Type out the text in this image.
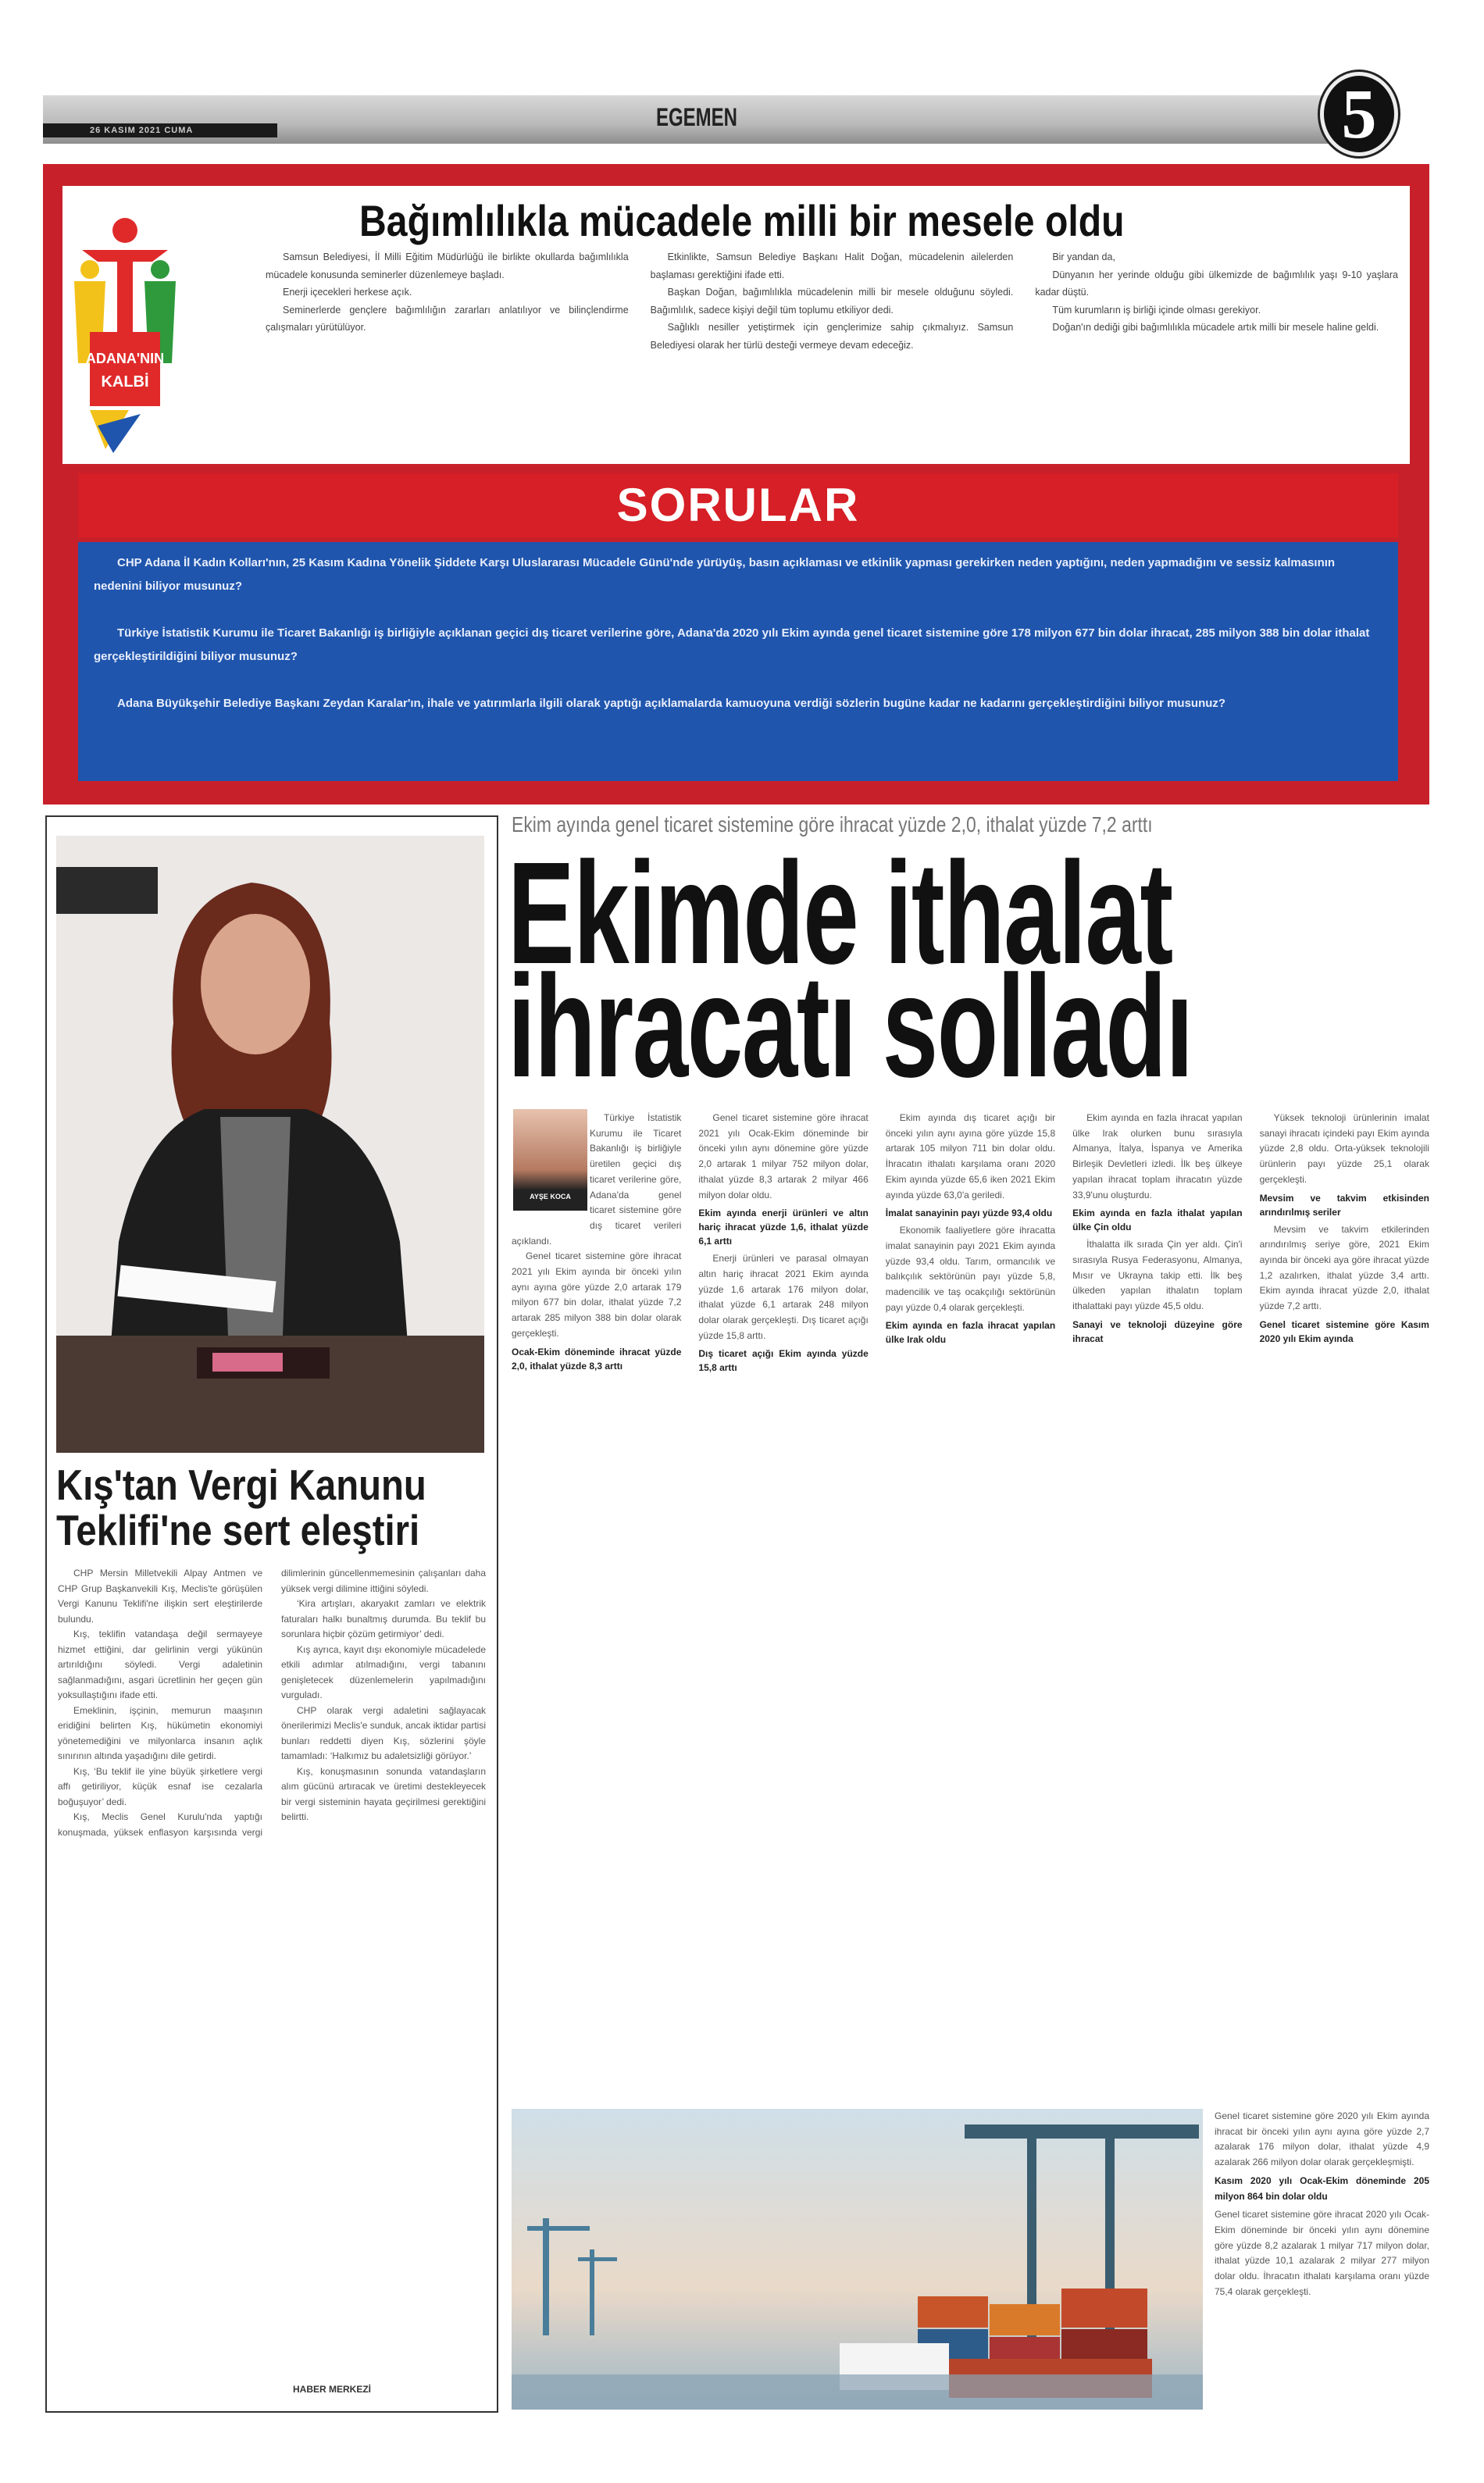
26 KASIM 2021 CUMA	EGEMEN	5
ADANA'NIN
KALBİ
Bağımlılıkla mücadele milli bir mesele oldu

Samsun Belediyesi, İl Milli Eğitim Müdürlüğü ile birlikte okullarda bağımlılıkla mücadele konusunda seminerler düzenlemeye başladı.

Enerji içecekleri herkese açık.

Seminerlerde gençlere bağımlılığın zararları anlatılıyor ve bilinçlendirme çalışmaları yürütülüyor.

Etkinlikte, Samsun Belediye Başkanı Halit Doğan, mücadelenin ailelerden başlaması gerektiğini ifade etti.

Başkan Doğan, bağımlılıkla mücadelenin milli bir mesele olduğunu söyledi. Bağımlılık, sadece kişiyi değil tüm toplumu etkiliyor dedi.

Sağlıklı nesiller yetiştirmek için gençlerimize sahip çıkmalıyız. Samsun Belediyesi olarak her türlü desteği vermeye devam edeceğiz.

Bir yandan da,

Dünyanın her yerinde olduğu gibi ülkemizde de bağımlılık yaşı 9-10 yaşlara kadar düştü.

Tüm kurumların iş birliği içinde olması gerekiyor.

Doğan'ın dediği gibi bağımlılıkla mücadele artık milli bir mesele haline geldi.

SORULAR

CHP Adana İl Kadın Kolları'nın, 25 Kasım Kadına Yönelik Şiddete Karşı Uluslararası Mücadele Günü'nde yürüyüş, basın açıklaması ve etkinlik yapması gerekirken neden yaptığını, neden yapmadığını ve sessiz kalmasının nedenini biliyor musunuz?

Türkiye İstatistik Kurumu ile Ticaret Bakanlığı iş birliğiyle açıklanan geçici dış ticaret verilerine göre, Adana'da 2020 yılı Ekim ayında genel ticaret sistemine göre 178 milyon 677 bin dolar ihracat, 285 milyon 388 bin dolar ithalat gerçekleştirildiğini biliyor musunuz?

Adana Büyükşehir Belediye Başkanı Zeydan Karalar'ın, ihale ve yatırımlarla ilgili olarak yaptığı açıklamalarda kamuoyuna verdiği sözlerin bugüne kadar ne kadarını gerçekleştirdiğini biliyor musunuz?

Kış'tan Vergi Kanunu Teklifi'ne sert eleştiri

CHP Mersin Milletvekili Alpay Antmen ve CHP Grup Başkanvekili Kış, Meclis'te görüşülen Vergi Kanunu Teklifi'ne ilişkin sert eleştirilerde bulundu.

Kış, teklifin vatandaşa değil sermayeye hizmet ettiğini, dar gelirlinin vergi yükünün artırıldığını söyledi. Vergi adaletinin sağlanmadığını, asgari ücretlinin her geçen gün yoksullaştığını ifade etti.

Emeklinin, işçinin, memurun maaşının eridiğini belirten Kış, hükümetin ekonomiyi yönetemediğini ve milyonlarca insanın açlık sınırının altında yaşadığını dile getirdi.

Kış, ‘Bu teklif ile yine büyük şirketlere vergi affı getiriliyor, küçük esnaf ise cezalarla boğuşuyor’ dedi.

Kış, Meclis Genel Kurulu'nda yaptığı konuşmada, yüksek enflasyon karşısında vergi dilimlerinin güncellenmemesinin çalışanları daha yüksek vergi dilimine ittiğini söyledi.

‘Kira artışları, akaryakıt zamları ve elektrik faturaları halkı bunaltmış durumda. Bu teklif bu sorunlara hiçbir çözüm getirmiyor’ dedi.

Kış ayrıca, kayıt dışı ekonomiyle mücadelede etkili adımlar atılmadığını, vergi tabanını genişletecek düzenlemelerin yapılmadığını vurguladı.

CHP olarak vergi adaletini sağlayacak önerilerimizi Meclis'e sunduk, ancak iktidar partisi bunları reddetti diyen Kış, sözlerini şöyle tamamladı: ‘Halkımız bu adaletsizliği görüyor.’

Kış, konuşmasının sonunda vatandaşların alım gücünü artıracak ve üretimi destekleyecek bir vergi sisteminin hayata geçirilmesi gerektiğini belirtti.

HABER MERKEZİ
Ekim ayında genel ticaret sistemine göre ihracat yüzde 2,0, ithalat yüzde 7,2 arttı
Ekimde ithalat
ihracatı solladı

Türkiye İstatistik Kurumu ile Ticaret Bakanlığı iş birliğiyle üretilen geçici dış ticaret verilerine göre, Adana'da genel ticaret sistemine göre dış ticaret verileri açıklandı.

Genel ticaret sistemine göre ihracat 2021 yılı Ekim ayında bir önceki yılın aynı ayına göre yüzde 2,0 artarak 179 milyon 677 bin dolar, ithalat yüzde 7,2 artarak 285 milyon 388 bin dolar olarak gerçekleşti.

Ocak-Ekim döneminde ihracat yüzde 2,0, ithalat yüzde 8,3 arttı

Genel ticaret sistemine göre ihracat 2021 yılı Ocak-Ekim döneminde bir önceki yılın aynı dönemine göre yüzde 2,0 artarak 1 milyar 752 milyon dolar, ithalat yüzde 8,3 artarak 2 milyar 466 milyon dolar oldu.

Ekim ayında enerji ürünleri ve altın hariç ihracat yüzde 1,6, ithalat yüzde 6,1 arttı

Enerji ürünleri ve parasal olmayan altın hariç ihracat 2021 Ekim ayında yüzde 1,6 artarak 176 milyon dolar, ithalat yüzde 6,1 artarak 248 milyon dolar olarak gerçekleşti. Dış ticaret açığı yüzde 15,8 arttı.

Dış ticaret açığı Ekim ayında yüzde 15,8 arttı

Ekim ayında dış ticaret açığı bir önceki yılın aynı ayına göre yüzde 15,8 artarak 105 milyon 711 bin dolar oldu. İhracatın ithalatı karşılama oranı 2020 Ekim ayında yüzde 65,6 iken 2021 Ekim ayında yüzde 63,0'a geriledi.

İmalat sanayinin payı yüzde 93,4 oldu

Ekonomik faaliyetlere göre ihracatta imalat sanayinin payı 2021 Ekim ayında yüzde 93,4 oldu. Tarım, ormancılık ve balıkçılık sektörünün payı yüzde 5,8, madencilik ve taş ocakçılığı sektörünün payı yüzde 0,4 olarak gerçekleşti.

Ekim ayında en fazla ihracat yapılan ülke Irak oldu

Ekim ayında en fazla ihracat yapılan ülke Irak olurken bunu sırasıyla Almanya, İtalya, İspanya ve Amerika Birleşik Devletleri izledi. İlk beş ülkeye yapılan ihracat toplam ihracatın yüzde 33,9'unu oluşturdu.

Ekim ayında en fazla ithalat yapılan ülke Çin oldu

İthalatta ilk sırada Çin yer aldı. Çin'i sırasıyla Rusya Federasyonu, Almanya, Mısır ve Ukrayna takip etti. İlk beş ülkeden yapılan ithalatın toplam ithalattaki payı yüzde 45,5 oldu.

Sanayi ve teknoloji düzeyine göre ihracat

Yüksek teknoloji ürünlerinin imalat sanayi ihracatı içindeki payı Ekim ayında yüzde 2,8 oldu. Orta-yüksek teknolojili ürünlerin payı yüzde 25,1 olarak gerçekleşti.

Mevsim ve takvim etkisinden arındırılmış seriler

Mevsim ve takvim etkilerinden arındırılmış seriye göre, 2021 Ekim ayında bir önceki aya göre ihracat yüzde 1,2 azalırken, ithalat yüzde 3,4 arttı. Ekim ayında ihracat yüzde 2,0, ithalat yüzde 7,2 arttı.

Genel ticaret sistemine göre Kasım 2020 yılı Ekim ayında
AYŞE KOCA

Genel ticaret sistemine göre 2020 yılı Ekim ayında ihracat bir önceki yılın aynı ayına göre yüzde 2,7 azalarak 176 milyon dolar, ithalat yüzde 4,9 azalarak 266 milyon dolar olarak gerçekleşmişti.

Kasım 2020 yılı Ocak-Ekim döneminde 205 milyon 864 bin dolar oldu

Genel ticaret sistemine göre ihracat 2020 yılı Ocak-Ekim döneminde bir önceki yılın aynı dönemine göre yüzde 8,2 azalarak 1 milyar 717 milyon dolar, ithalat yüzde 10,1 azalarak 2 milyar 277 milyon dolar oldu. İhracatın ithalatı karşılama oranı yüzde 75,4 olarak gerçekleşti.
